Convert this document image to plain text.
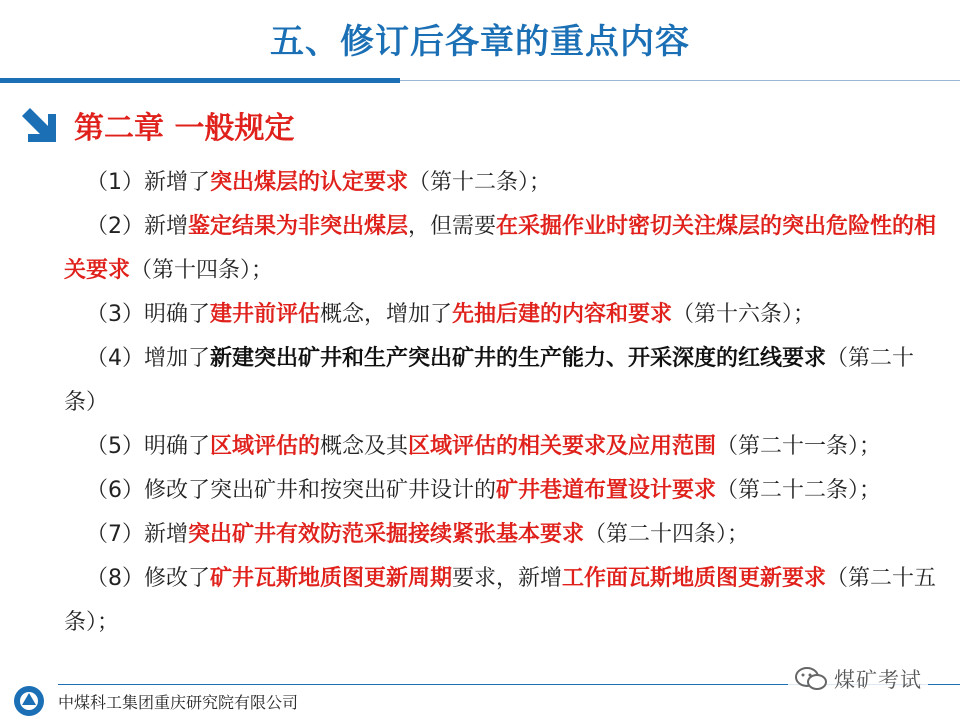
五、修订后各章的重点内容
第二章 一般规定
（1）新增了突出煤层的认定要求（第十二条）；
（2）新增鉴定结果为非突出煤层，但需要在采掘作业时密切关注煤层的突出危险性的相关要求（第十四条）；
（3）明确了建井前评估概念，增加了先抽后建的内容和要求（第十六条）；
（4）增加了新建突出矿井和生产突出矿井的生产能力、开采深度的红线要求（第二十条）
（5）明确了区域评估的概念及其区域评估的相关要求及应用范围（第二十一条）；
（6）修改了突出矿井和按突出矿井设计的矿井巷道布置设计要求（第二十二条）；
（7）新增突出矿井有效防范采掘接续紧张基本要求（第二十四条）；
（8）修改了矿井瓦斯地质图更新周期要求，新增工作面瓦斯地质图更新要求（第二十五条）；
中煤科工集团重庆研究院有限公司
煤矿考试
